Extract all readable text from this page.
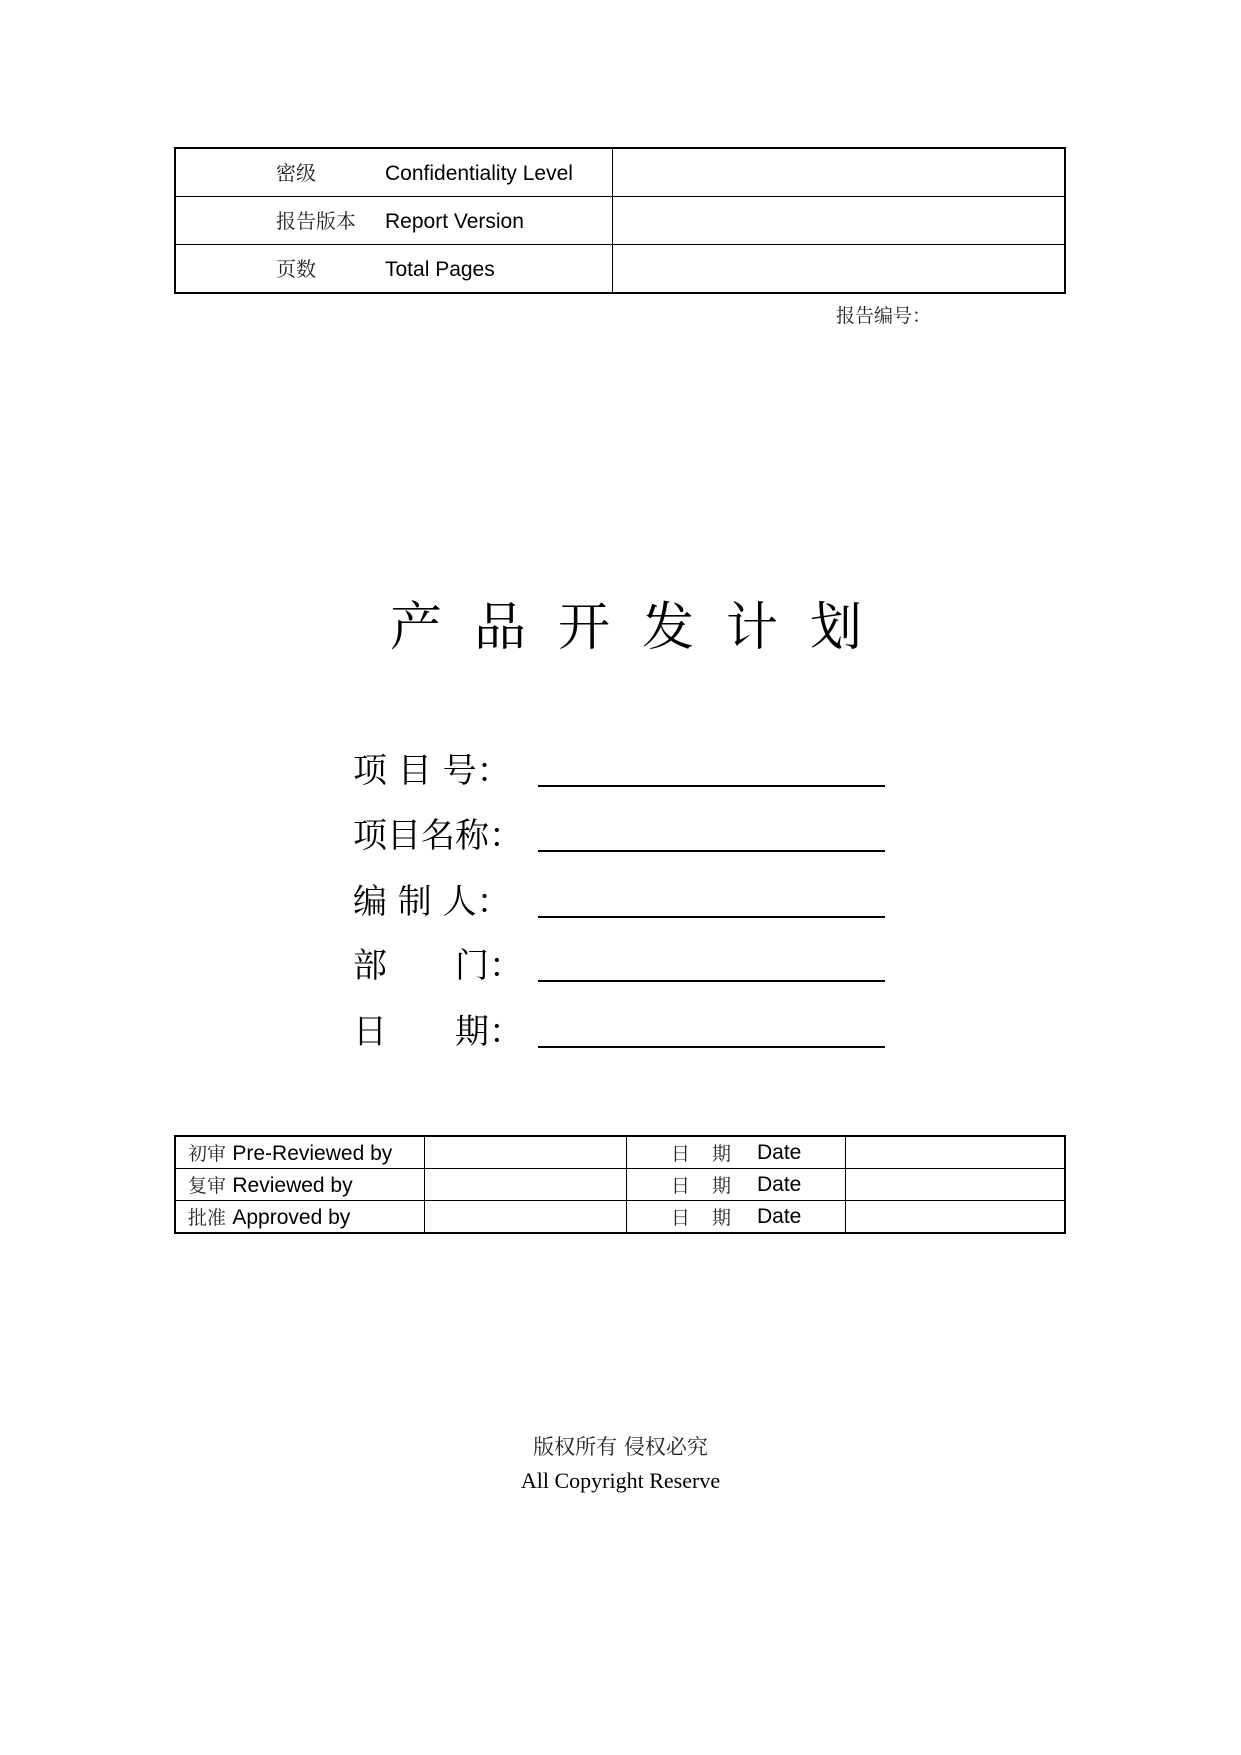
密级 Confidentiality Level	

报告版本 Report Version	

页数 Total Pages	

报告编号：
产品开发计划
项 目 号：
项目名称：
编 制 人：
部　　门：
日　　期：
初审 Pre-Reviewed by		日期 Date	

复审 Reviewed by		日期 Date	

批准 Approved by		日期 Date	

版权所有 侵权必究
All Copyright Reserve
